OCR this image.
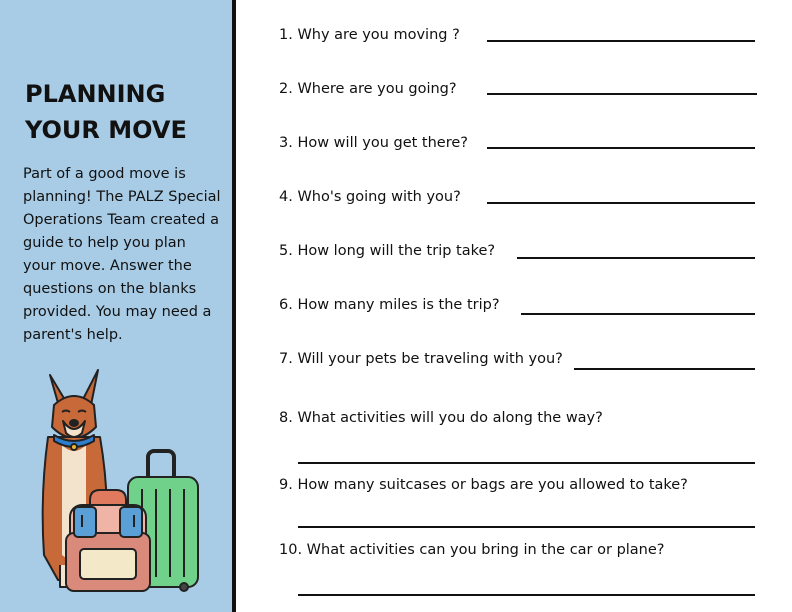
PLANNING
YOUR MOVE
Part of a good move is planning! The PALZ Special Operations Team created a guide to help you plan your move. Answer the questions on the blanks provided. You may need a parent's help.
1. Why are you moving ?
2. Where are you going?
3. How will you get there?
4. Who's going with you?
5. How long will the trip take?
6. How many miles is the trip?
7. Will your pets be traveling with you?
8. What activities will you do along the way?
9. How many suitcases or bags are you allowed to take?
10. What activities can you bring in the car or plane?
